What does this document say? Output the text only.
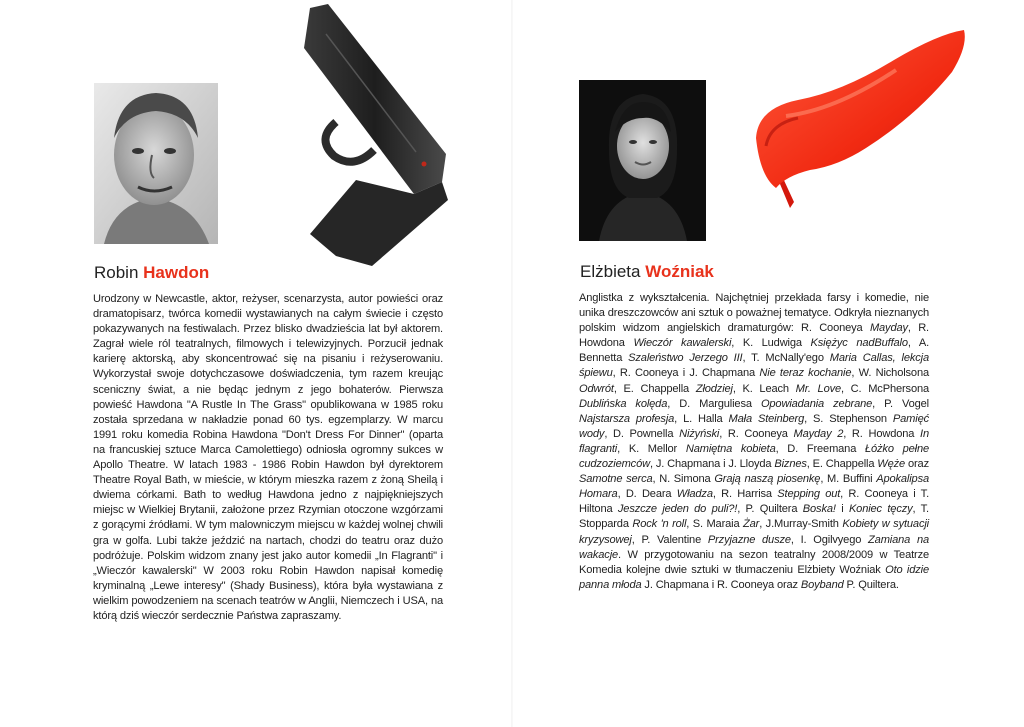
Robin Hawdon

Urodzony w Newcastle, aktor, reżyser, scenarzysta, autor powieści oraz dramatopisarz, twórca komedii wystawianych na całym świecie i często pokazywanych na festiwalach. Przez blisko dwadzieścia lat był aktorem. Zagrał wiele ról teatralnych, filmowych i telewizyjnych. Porzucił jednak karierę aktorską, aby skoncentrować się na pisaniu i reżyserowaniu. Wykorzystał swoje dotychczasowe doświadczenia, tym razem kreując sceniczny świat, a nie będąc jednym z jego bohaterów. Pierwsza powieść Hawdona "A Rustle In The Grass" opublikowana w 1985 roku została sprzedana w nakładzie ponad 60 tys. egzemplarzy. W marcu 1991 roku komedia Robina Hawdona "Don't Dress For Dinner" (oparta na francuskiej sztuce Marca Camolettiego) odniosła ogromny sukces w Apollo Theatre. W latach 1983 - 1986 Robin Hawdon był dyrektorem Theatre Royal Bath, w mieście, w którym mieszka razem z żoną Sheilą i dwiema córkami. Bath to według Hawdona jedno z najpiękniejszych miejsc w Wielkiej Brytanii, założone przez Rzymian otoczone wzgórzami z gorącymi źródłami. W tym malowniczym miejscu w każdej wolnej chwili gra w golfa. Lubi także jeździć na nartach, chodzi do teatru oraz dużo podróżuje. Polskim widzom znany jest jako autor komedii „In Flagranti" i „Wieczór kawalerski" W 2003 roku Robin Hawdon napisał komedię kryminalną „Lewe interesy" (Shady Business), która była wystawiana z wielkim powodzeniem na scenach teatrów w Anglii, Niemczech i USA, na którą dziś wieczór serdecznie Państwa zapraszamy.

Elżbieta Woźniak

Anglistka z wykształcenia. Najchętniej przekłada farsy i komedie, nie unika dreszczowców ani sztuk o poważnej tematyce. Odkryła nieznanych polskim widzom angielskich dramaturgów: R. Cooneya Mayday, R. Howdona Wieczór kawalerski, K. Ludwiga Księżyc nadBuffalo, A. Bennetta Szaleństwo Jerzego III, T. McNally'ego Maria Callas, lekcja śpiewu, R. Cooneya i J. Chapmana Nie teraz kochanie, W. Nicholsona Odwrót, E. Chappella Złodziej, K. Leach Mr. Love, C. McPhersona Dublińska kolęda, D. Marguliesa Opowiadania zebrane, P. Vogel Najstarsza profesja, L. Halla Mała Steinberg, S. Stephenson Pamięć wody, D. Pownella Niżyński, R. Cooneya Mayday 2, R. Howdona In flagranti, K. Mellor Namiętna kobieta, D. Freemana Łóżko pełne cudzoziemców, J. Chapmana i J. Lloyda Biznes, E. Chappella Węże oraz Samotne serca, N. Simona Grają naszą piosenkę, M. Buffini Apokalipsa Homara, D. Deara Władza, R. Harrisa Stepping out, R. Cooneya i T. Hiltona Jeszcze jeden do puli?!, P. Quiltera Boska! i Koniec tęczy, T. Stoppardа Rock 'n roll, S. Maraia Żar, J.Murray-Smith Kobiety w sytuacji kryzysowej, P. Valentine Przyjazne dusze, I. Ogilvyego Zamiana na wakacje. W przygotowaniu na sezon teatralny 2008/2009 w Teatrze Komedia kolejne dwie sztuki w tłumaczeniu Elżbiety Woźniak Oto idzie panna młoda J. Chapmana i R. Cooneya oraz Boyband P. Quiltera.
